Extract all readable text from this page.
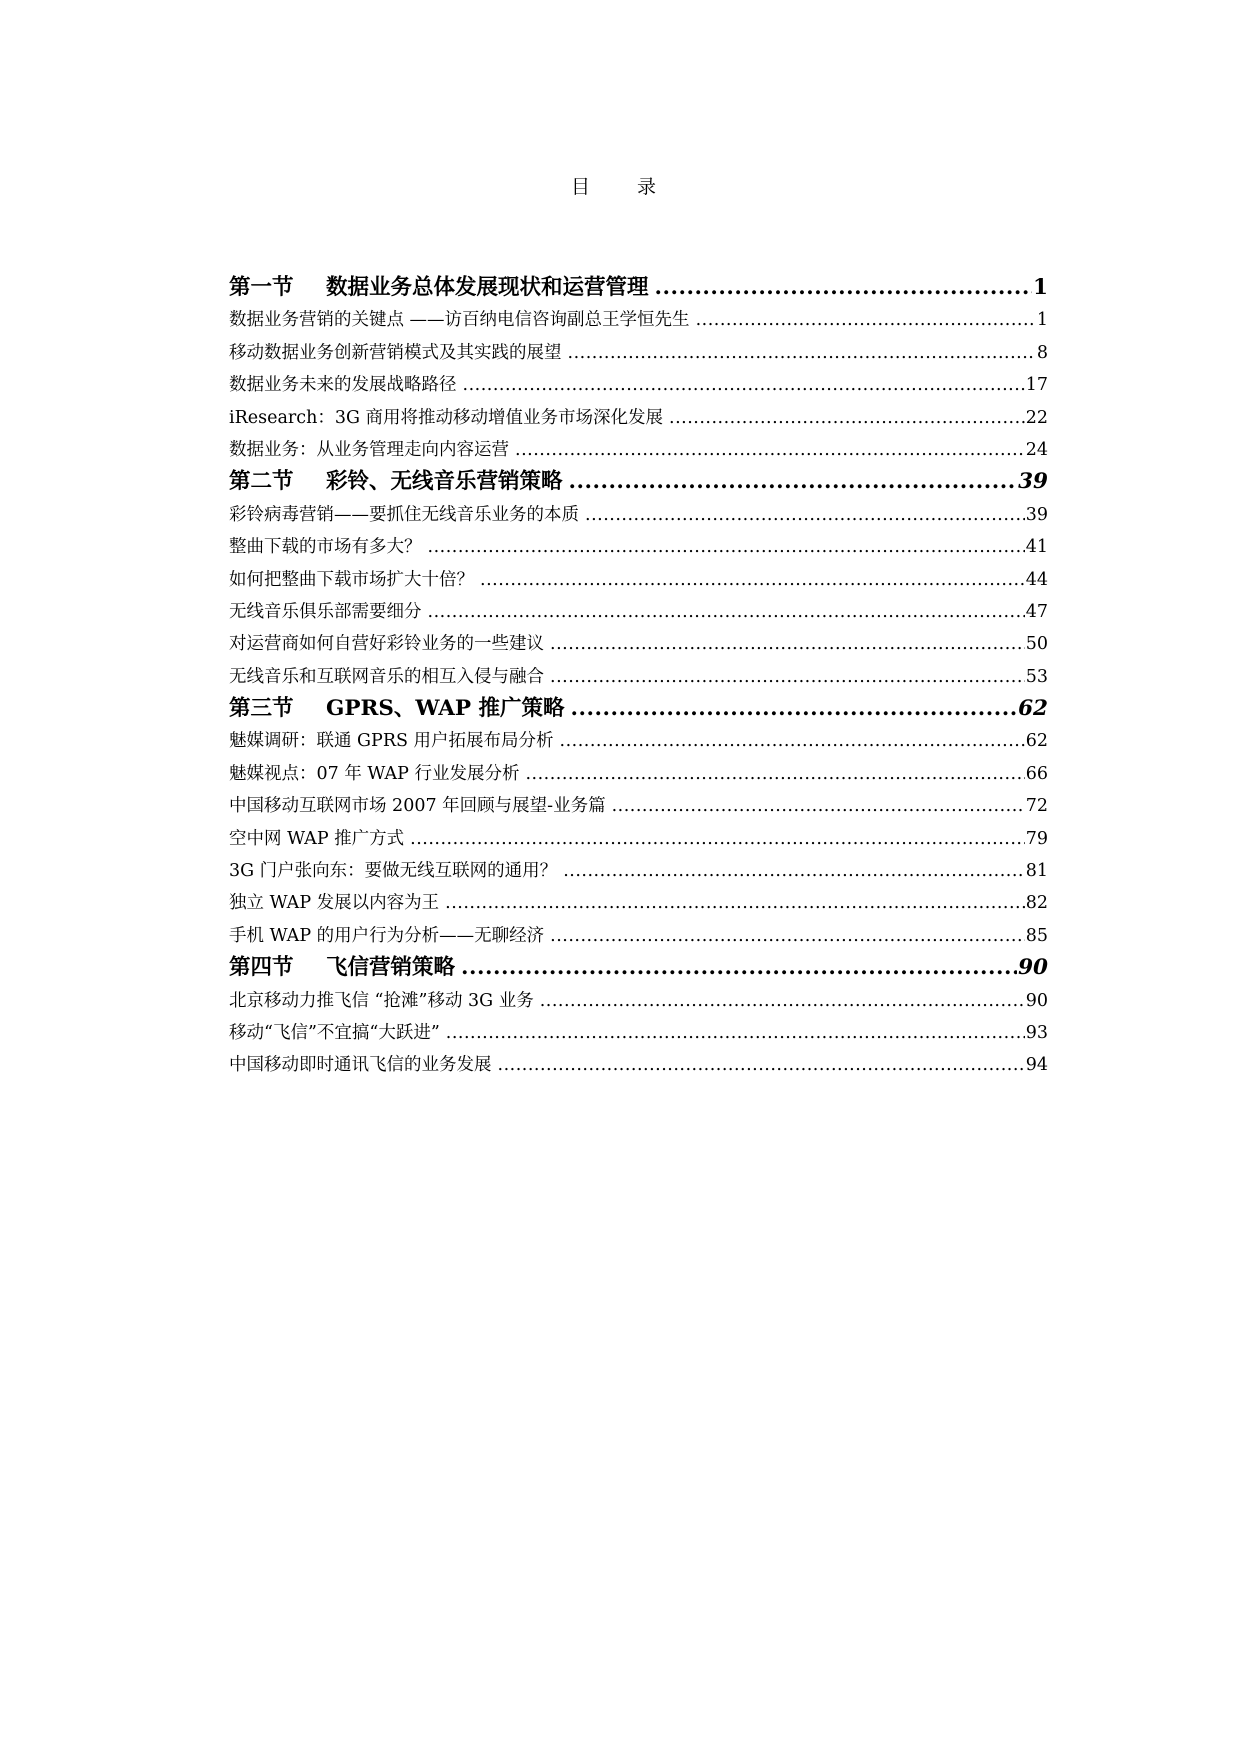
目　录
第一节	数据业务总体发展现状和运营管理 .....	1
数据业务营销的关键点 ——访百纳电信咨询副总王学恒先生 .....	1
移动数据业务创新营销模式及其实践的展望 .....	8
数据业务未来的发展战略路径 .....	17
iResearch：3G 商用将推动移动增值业务市场深化发展 .....	22
数据业务：从业务管理走向内容运营 .....	24
第二节	彩铃、无线音乐营销策略 .....	39
彩铃病毒营销——要抓住无线音乐业务的本质 .....	39
整曲下载的市场有多大？ .....	41
如何把整曲下载市场扩大十倍？ .....	44
无线音乐俱乐部需要细分 .....	47
对运营商如何自营好彩铃业务的一些建议 .....	50
无线音乐和互联网音乐的相互入侵与融合 .....	53
第三节	GPRS、WAP 推广策略 .....	62
魅媒调研：联通 GPRS 用户拓展布局分析 .....	62
魅媒视点：07 年 WAP 行业发展分析 .....	66
中国移动互联网市场 2007 年回顾与展望-业务篇 .....	72
空中网 WAP 推广方式 .....	79
3G 门户张向东：要做无线互联网的通用？ .....	81
独立 WAP 发展以内容为王 .....	82
手机 WAP 的用户行为分析——无聊经济 .....	85
第四节	飞信营销策略 .....	90
北京移动力推飞信 “抢滩”移动 3G 业务 .....	90
移动“飞信”不宜搞“大跃进” .....	93
中国移动即时通讯飞信的业务发展 .....	94
